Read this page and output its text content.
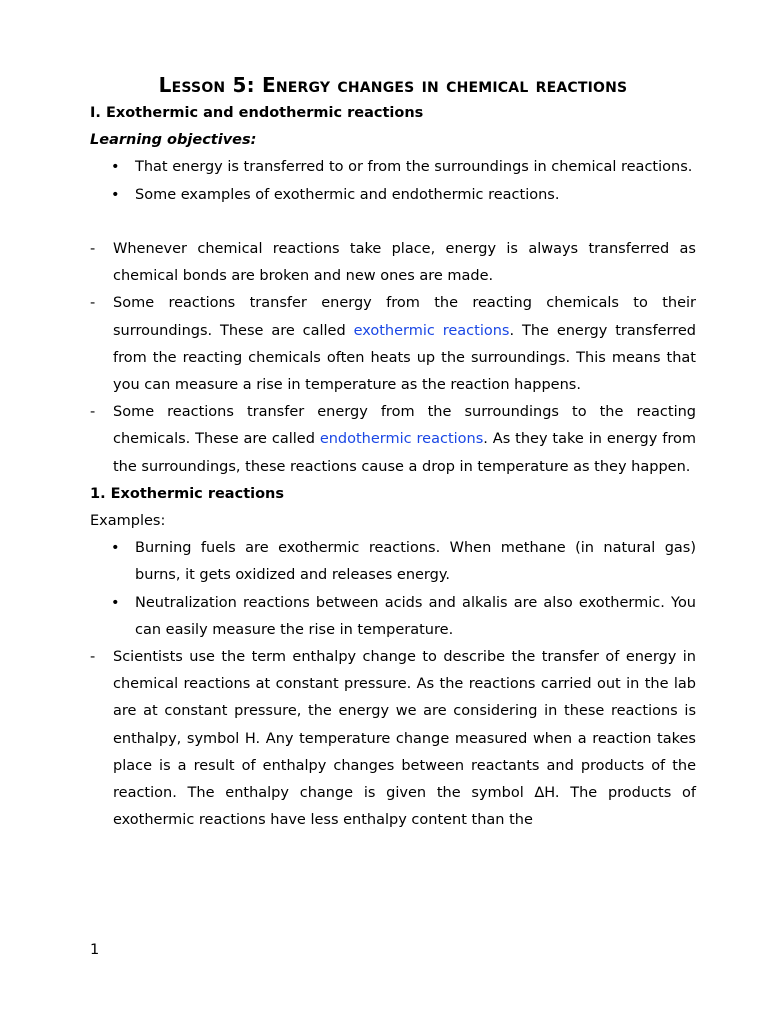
Lesson 5: Energy changes in chemical reactions
I. Exothermic and endothermic reactions
Learning objectives:
• That energy is transferred to or from the surroundings in chemical reactions.
• Some examples of exothermic and endothermic reactions.
- Whenever chemical reactions take place, energy is always transferred as chemical bonds are broken and new ones are made.
- Some reactions transfer energy from the reacting chemicals to their surroundings. These are called exothermic reactions. The energy transferred from the reacting chemicals often heats up the surroundings. This means that you can measure a rise in temperature as the reaction happens.
- Some reactions transfer energy from the surroundings to the reacting chemicals. These are called endothermic reactions. As they take in energy from the surroundings, these reactions cause a drop in temperature as they happen.
1. Exothermic reactions
Examples:
• Burning fuels are exothermic reactions. When methane (in natural gas) burns, it gets oxidized and releases energy.
• Neutralization reactions between acids and alkalis are also exothermic. You can easily measure the rise in temperature.
- Scientists use the term enthalpy change to describe the transfer of energy in chemical reactions at constant pressure. As the reactions carried out in the lab are at constant pressure, the energy we are considering in these reactions is enthalpy, symbol H. Any temperature change measured when a reaction takes place is a result of enthalpy changes between reactants and products of the reaction. The enthalpy change is given the symbol ∆H. The products of exothermic reactions have less enthalpy content than the
1
